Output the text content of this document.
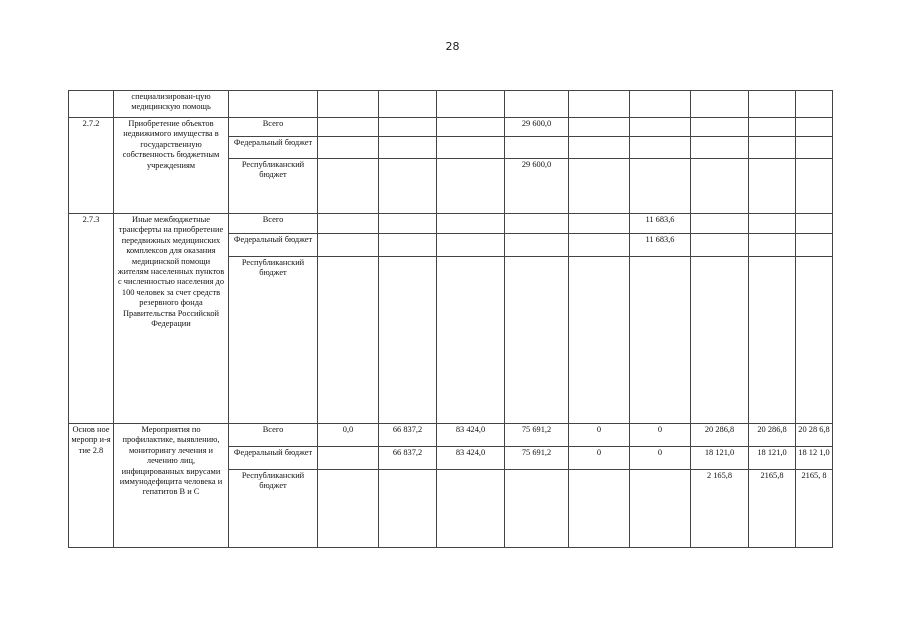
28
	специализирован-цую медицинскую помощь										
2.7.2	Приобретение объектов недвижимого имущества в государственную собственность бюджетным учреждениям	Всего				29 600,0					
		Федеральный бюджет									
		Республиканский бюджет				29 600,0					
2.7.3	Иные межбюджетные трансферты на приобретение передвижных медицинских комплексов для оказания медицинской помощи жителям населенных пунктов с численностью населения до 100 человек за счет средств резервного фонда Правительства Российской Федерации	Всего						11 683,6			
		Федеральный бюджет						11 683,6			
		Республиканский бюджет									
Основ ное меропр и-ятие 2.8	Мероприятия по профилактике, выявлению, мониторингу лечения и лечению лиц, инфицированных вирусами иммунодефицита человека и гепатитов В и С	Всего	0,0	66 837,2	83 424,0	75 691,2	0	0	20 286,8	20 286,8	20 28 6,8
		Федеральный бюджет		66 837,2	83 424,0	75 691,2	0	0	18 121,0	18 121,0	18 12 1,0
		Республиканский бюджет							2 165,8	2165,8	2165, 8
